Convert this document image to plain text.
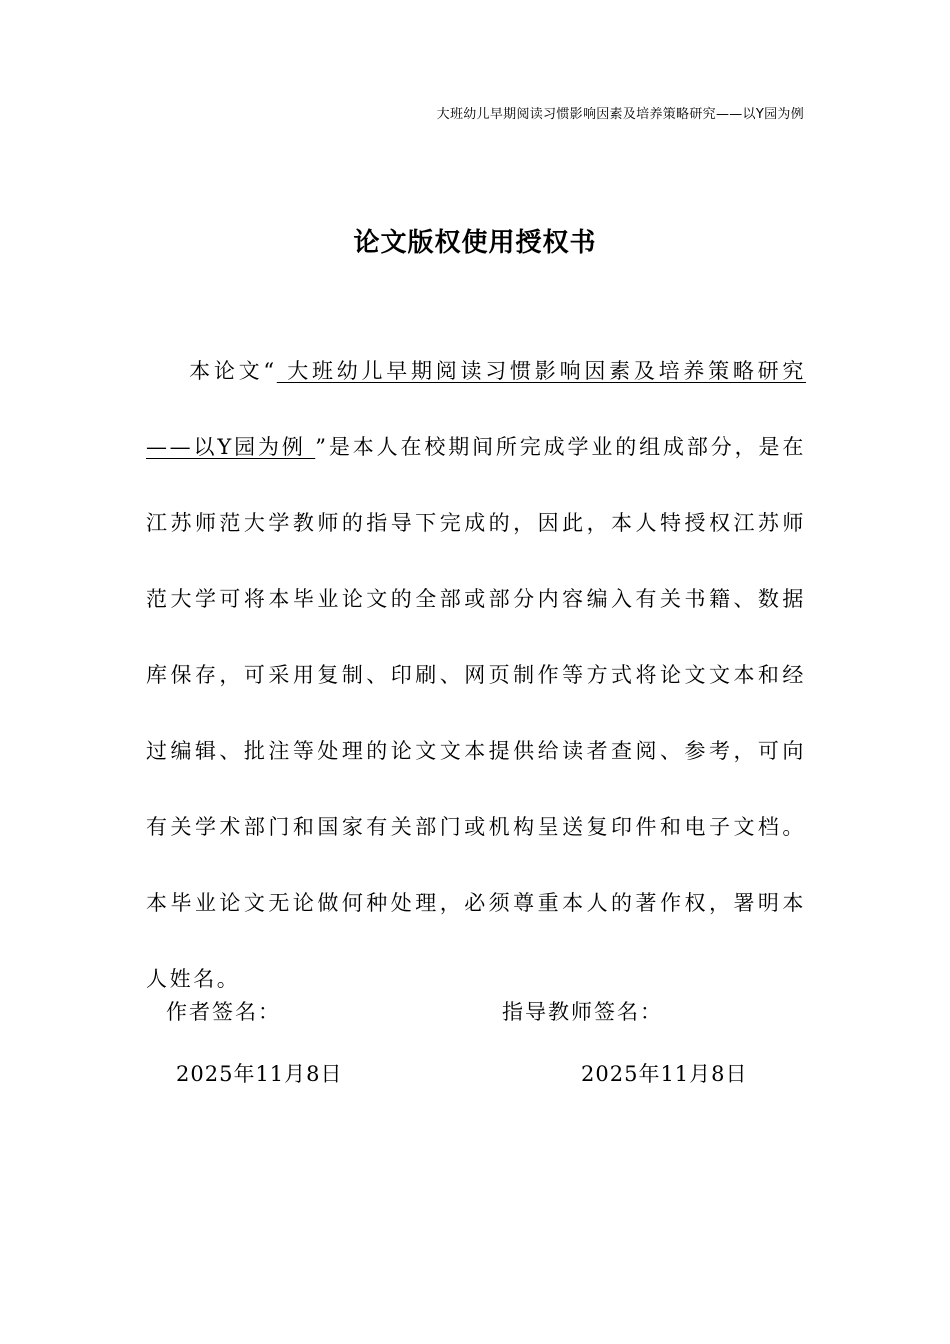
大班幼儿早期阅读习惯影响因素及培养策略研究——以Y园为例
论文版权使用授权书

本论文“ 大班幼儿早期阅读习惯影响因素及培养策略研究——以Y园为例 ”是本人在校期间所完成学业的组成部分，是在江苏师范大学教师的指导下完成的，因此，本人特授权江苏师范大学可将本毕业论文的全部或部分内容编入有关书籍、数据库保存，可采用复制、印刷、网页制作等方式将论文文本和经过编辑、批注等处理的论文文本提供给读者查阅、参考，可向有关学术部门和国家有关部门或机构呈送复印件和电子文档。本毕业论文无论做何种处理，必须尊重本人的著作权，署明本人姓名。

作者签名：	指导教师签名：
2025年11月8日	2025年11月8日
